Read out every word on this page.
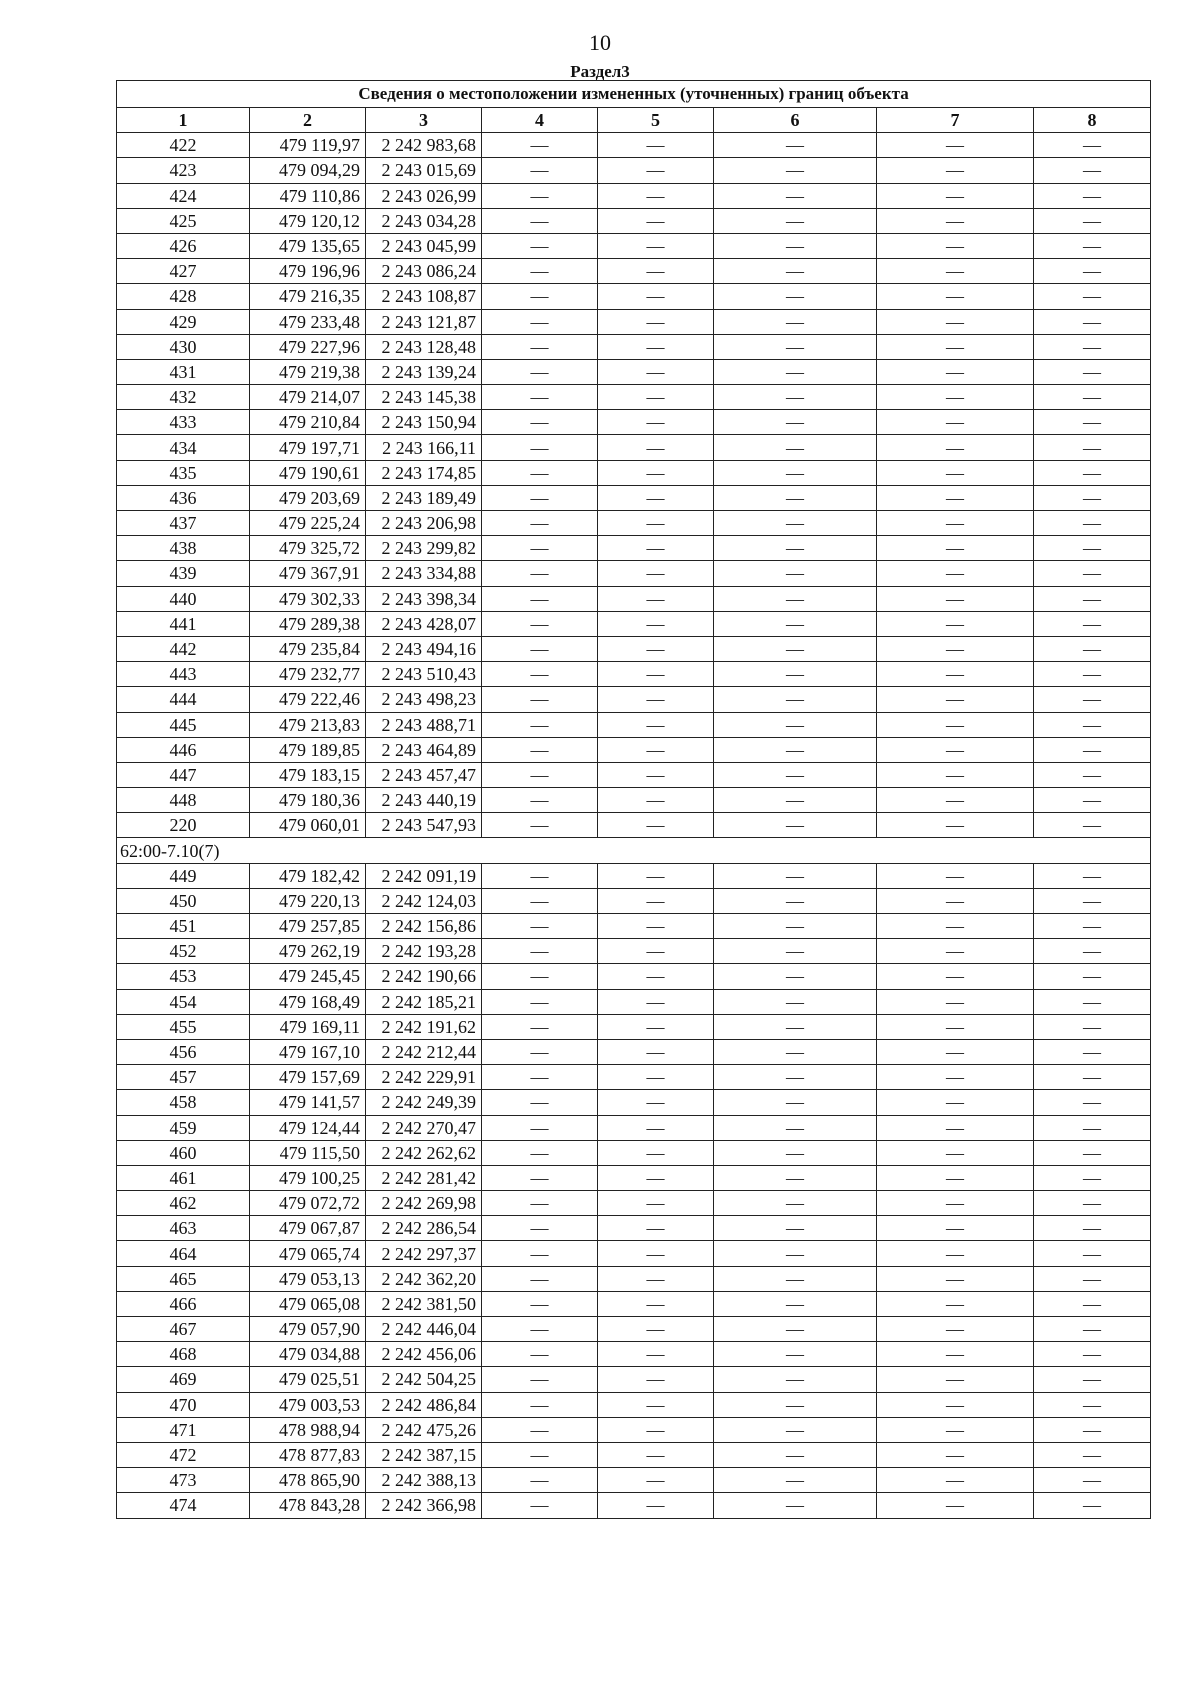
10
Раздел3
Сведения о местоположении измененных (уточненных) границ объекта							
1	2	3	4	5	6	7	8
422	479 119,97	2 242 983,68	—	—	—	—	—
423	479 094,29	2 243 015,69	—	—	—	—	—
424	479 110,86	2 243 026,99	—	—	—	—	—
425	479 120,12	2 243 034,28	—	—	—	—	—
426	479 135,65	2 243 045,99	—	—	—	—	—
427	479 196,96	2 243 086,24	—	—	—	—	—
428	479 216,35	2 243 108,87	—	—	—	—	—
429	479 233,48	2 243 121,87	—	—	—	—	—
430	479 227,96	2 243 128,48	—	—	—	—	—
431	479 219,38	2 243 139,24	—	—	—	—	—
432	479 214,07	2 243 145,38	—	—	—	—	—
433	479 210,84	2 243 150,94	—	—	—	—	—
434	479 197,71	2 243 166,11	—	—	—	—	—
435	479 190,61	2 243 174,85	—	—	—	—	—
436	479 203,69	2 243 189,49	—	—	—	—	—
437	479 225,24	2 243 206,98	—	—	—	—	—
438	479 325,72	2 243 299,82	—	—	—	—	—
439	479 367,91	2 243 334,88	—	—	—	—	—
440	479 302,33	2 243 398,34	—	—	—	—	—
441	479 289,38	2 243 428,07	—	—	—	—	—
442	479 235,84	2 243 494,16	—	—	—	—	—
443	479 232,77	2 243 510,43	—	—	—	—	—
444	479 222,46	2 243 498,23	—	—	—	—	—
445	479 213,83	2 243 488,71	—	—	—	—	—
446	479 189,85	2 243 464,89	—	—	—	—	—
447	479 183,15	2 243 457,47	—	—	—	—	—
448	479 180,36	2 243 440,19	—	—	—	—	—
220	479 060,01	2 243 547,93	—	—	—	—	—
62:00-7.10(7)							
449	479 182,42	2 242 091,19	—	—	—	—	—
450	479 220,13	2 242 124,03	—	—	—	—	—
451	479 257,85	2 242 156,86	—	—	—	—	—
452	479 262,19	2 242 193,28	—	—	—	—	—
453	479 245,45	2 242 190,66	—	—	—	—	—
454	479 168,49	2 242 185,21	—	—	—	—	—
455	479 169,11	2 242 191,62	—	—	—	—	—
456	479 167,10	2 242 212,44	—	—	—	—	—
457	479 157,69	2 242 229,91	—	—	—	—	—
458	479 141,57	2 242 249,39	—	—	—	—	—
459	479 124,44	2 242 270,47	—	—	—	—	—
460	479 115,50	2 242 262,62	—	—	—	—	—
461	479 100,25	2 242 281,42	—	—	—	—	—
462	479 072,72	2 242 269,98	—	—	—	—	—
463	479 067,87	2 242 286,54	—	—	—	—	—
464	479 065,74	2 242 297,37	—	—	—	—	—
465	479 053,13	2 242 362,20	—	—	—	—	—
466	479 065,08	2 242 381,50	—	—	—	—	—
467	479 057,90	2 242 446,04	—	—	—	—	—
468	479 034,88	2 242 456,06	—	—	—	—	—
469	479 025,51	2 242 504,25	—	—	—	—	—
470	479 003,53	2 242 486,84	—	—	—	—	—
471	478 988,94	2 242 475,26	—	—	—	—	—
472	478 877,83	2 242 387,15	—	—	—	—	—
473	478 865,90	2 242 388,13	—	—	—	—	—
474	478 843,28	2 242 366,98	—	—	—	—	—
